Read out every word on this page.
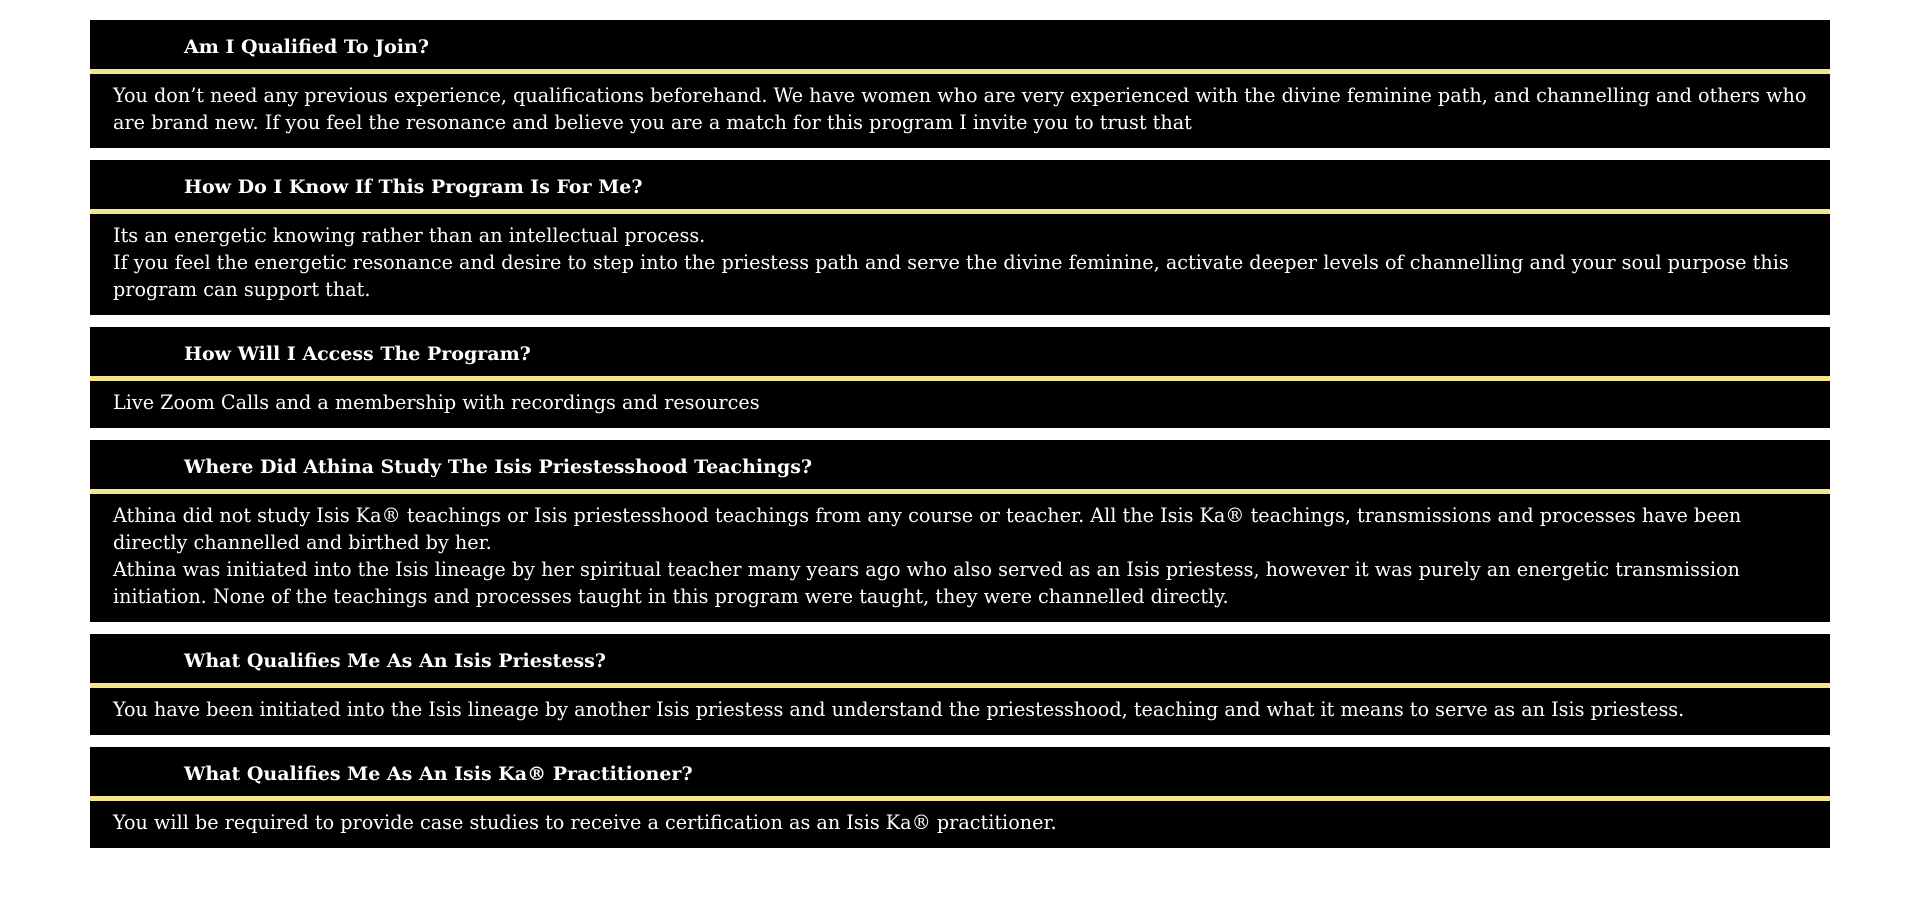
Am I Qualified To Join?

You don’t need any previous experience, qualifications beforehand. We have women who are very experienced with the divine feminine path, and channelling and others who are brand new. If you feel the resonance and believe you are a match for this program I invite you to trust that

How Do I Know If This Program Is For Me?

Its an energetic knowing rather than an intellectual process.

If you feel the energetic resonance and desire to step into the priestess path and serve the divine feminine, activate deeper levels of channelling and your soul purpose this program can support that.

How Will I Access The Program?

Live Zoom Calls and a membership with recordings and resources

Where Did Athina Study The Isis Priestesshood Teachings?

Athina did not study Isis Ka® teachings or Isis priestesshood teachings from any course or teacher. All the Isis Ka® teachings, transmissions and processes have been directly channelled and birthed by her.

Athina was initiated into the Isis lineage by her spiritual teacher many years ago who also served as an Isis priestess, however it was purely an energetic transmission initiation. None of the teachings and processes taught in this program were taught, they were channelled directly.

What Qualifies Me As An Isis Priestess?

You have been initiated into the Isis lineage by another Isis priestess and understand the priestesshood, teaching and what it means to serve as an Isis priestess.

What Qualifies Me As An Isis Ka® Practitioner?

You will be required to provide case studies to receive a certification as an Isis Ka® practitioner.
